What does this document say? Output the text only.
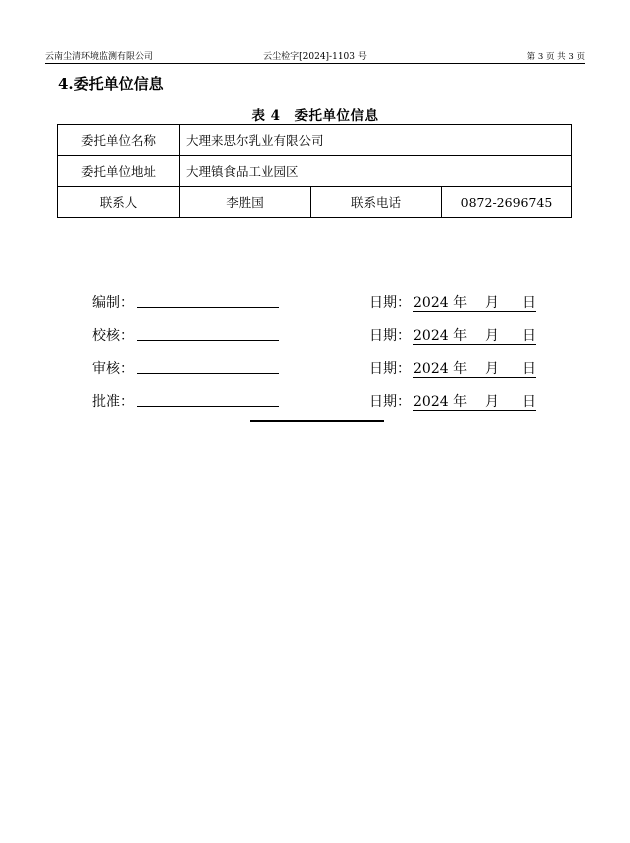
云南尘清环境监测有限公司	云尘检字[2024]-1103 号	第 3 页 共 3 页
4.委托单位信息
表 4　委托单位信息
委托单位名称	大理来思尔乳业有限公司		
委托单位地址	大理镇食品工业园区		
联系人	李胜国	联系电话	0872-2696745
编制：	日期： 2024 年 月 日
校核：	日期： 2024 年 月 日
审核：	日期： 2024 年 月 日
批准：	日期： 2024 年 月 日
